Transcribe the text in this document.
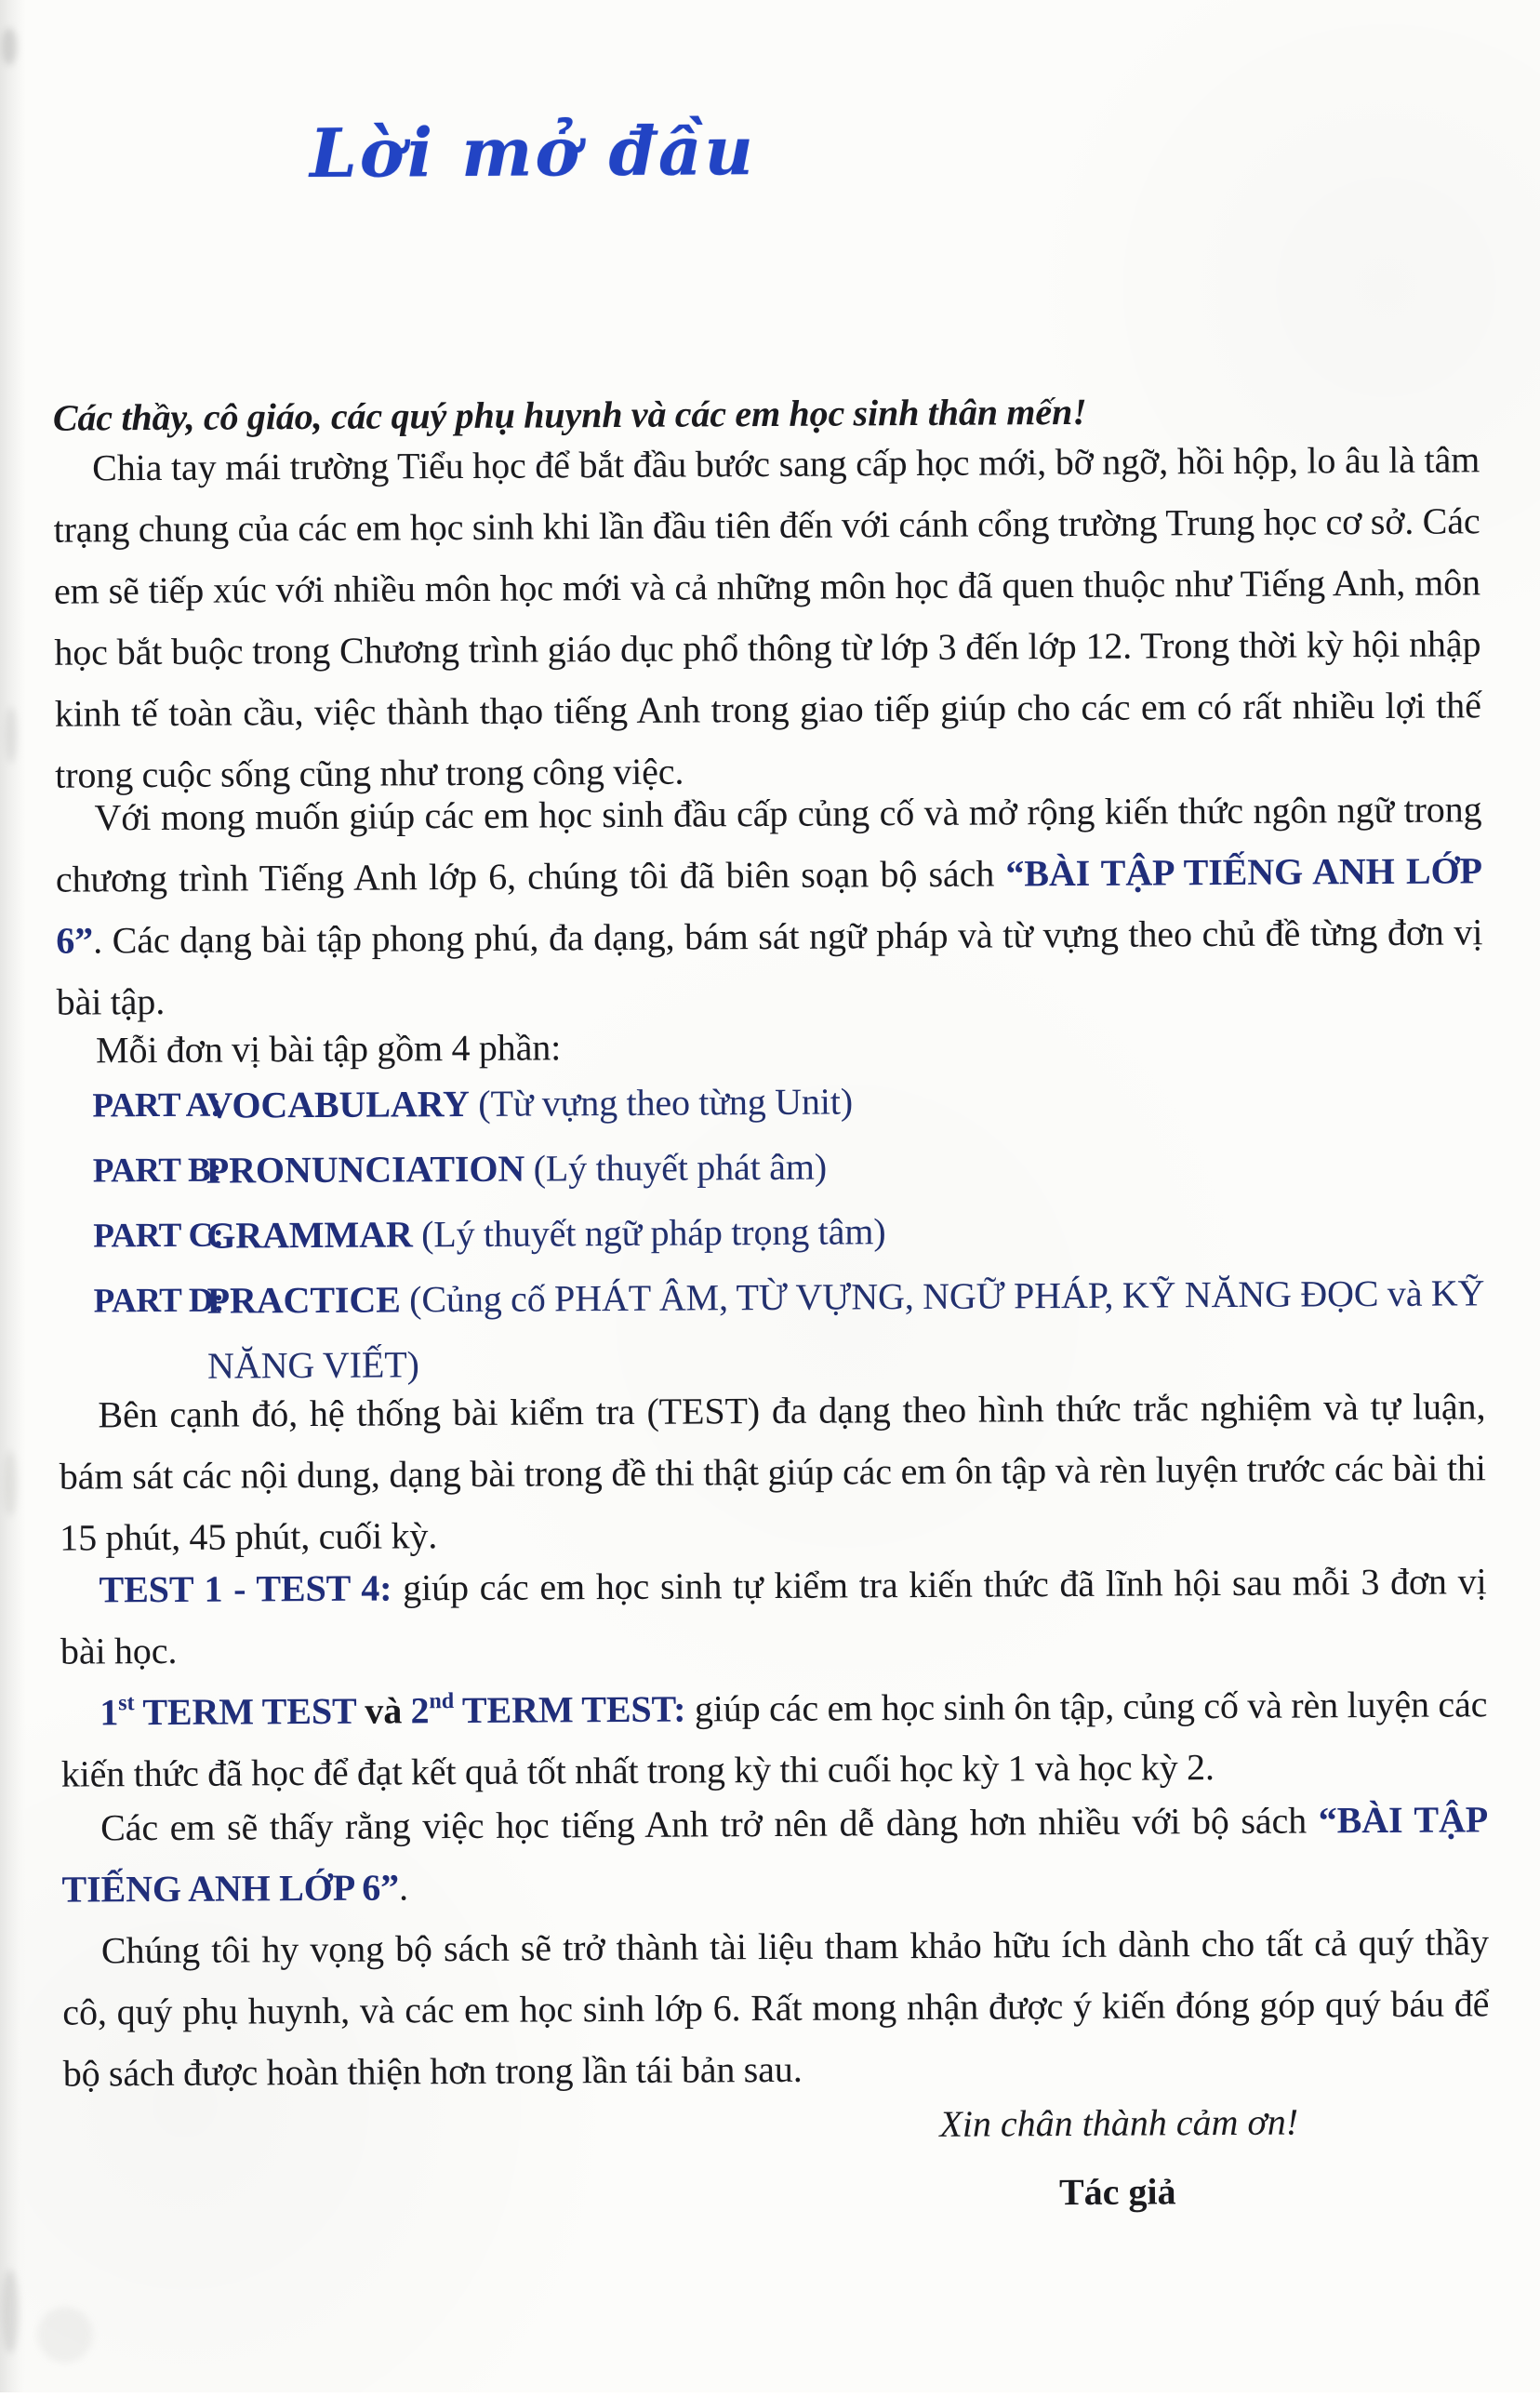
Lời mở đầu
Các thầy, cô giáo, các quý phụ huynh và các em học sinh thân mến!
Chia tay mái trường Tiểu học để bắt đầu bước sang cấp học mới, bỡ ngỡ, hồi hộp, lo âu là tâm trạng chung của các em học sinh khi lần đầu tiên đến với cánh cổng trường Trung học cơ sở. Các em sẽ tiếp xúc với nhiều môn học mới và cả những môn học đã quen thuộc như Tiếng Anh, môn học bắt buộc trong Chương trình giáo dục phổ thông từ lớp 3 đến lớp 12. Trong thời kỳ hội nhập kinh tế toàn cầu, việc thành thạo tiếng Anh trong giao tiếp giúp cho các em có rất nhiều lợi thế trong cuộc sống cũng như trong công việc.
Với mong muốn giúp các em học sinh đầu cấp củng cố và mở rộng kiến thức ngôn ngữ trong chương trình Tiếng Anh lớp 6, chúng tôi đã biên soạn bộ sách “BÀI TẬP TIẾNG ANH LỚP 6”. Các dạng bài tập phong phú, đa dạng, bám sát ngữ pháp và từ vựng theo chủ đề từng đơn vị bài tập.
Mỗi đơn vị bài tập gồm 4 phần:
PART A:
VOCABULARY (Từ vựng theo từng Unit)
PART B:
PRONUNCIATION (Lý thuyết phát âm)
PART C:
GRAMMAR (Lý thuyết ngữ pháp trọng tâm)
PART D:
PRACTICE (Củng cố PHÁT ÂM, TỪ VỰNG, NGỮ PHÁP, KỸ NĂNG ĐỌC và KỸ NĂNG VIẾT)
Bên cạnh đó, hệ thống bài kiểm tra (TEST) đa dạng theo hình thức trắc nghiệm và tự luận, bám sát các nội dung, dạng bài trong đề thi thật giúp các em ôn tập và rèn luyện trước các bài thi 15 phút, 45 phút, cuối kỳ.
TEST 1 - TEST 4: giúp các em học sinh tự kiểm tra kiến thức đã lĩnh hội sau mỗi 3 đơn vị bài học.
1st TERM TEST và 2nd TERM TEST: giúp các em học sinh ôn tập, củng cố và rèn luyện các kiến thức đã học để đạt kết quả tốt nhất trong kỳ thi cuối học kỳ 1 và học kỳ 2.
Các em sẽ thấy rằng việc học tiếng Anh trở nên dễ dàng hơn nhiều với bộ sách “BÀI TẬP TIẾNG ANH LỚP 6”.
Chúng tôi hy vọng bộ sách sẽ trở thành tài liệu tham khảo hữu ích dành cho tất cả quý thầy cô, quý phụ huynh, và các em học sinh lớp 6. Rất mong nhận được ý kiến đóng góp quý báu để bộ sách được hoàn thiện hơn trong lần tái bản sau.
Xin chân thành cảm ơn!
Tác giả
